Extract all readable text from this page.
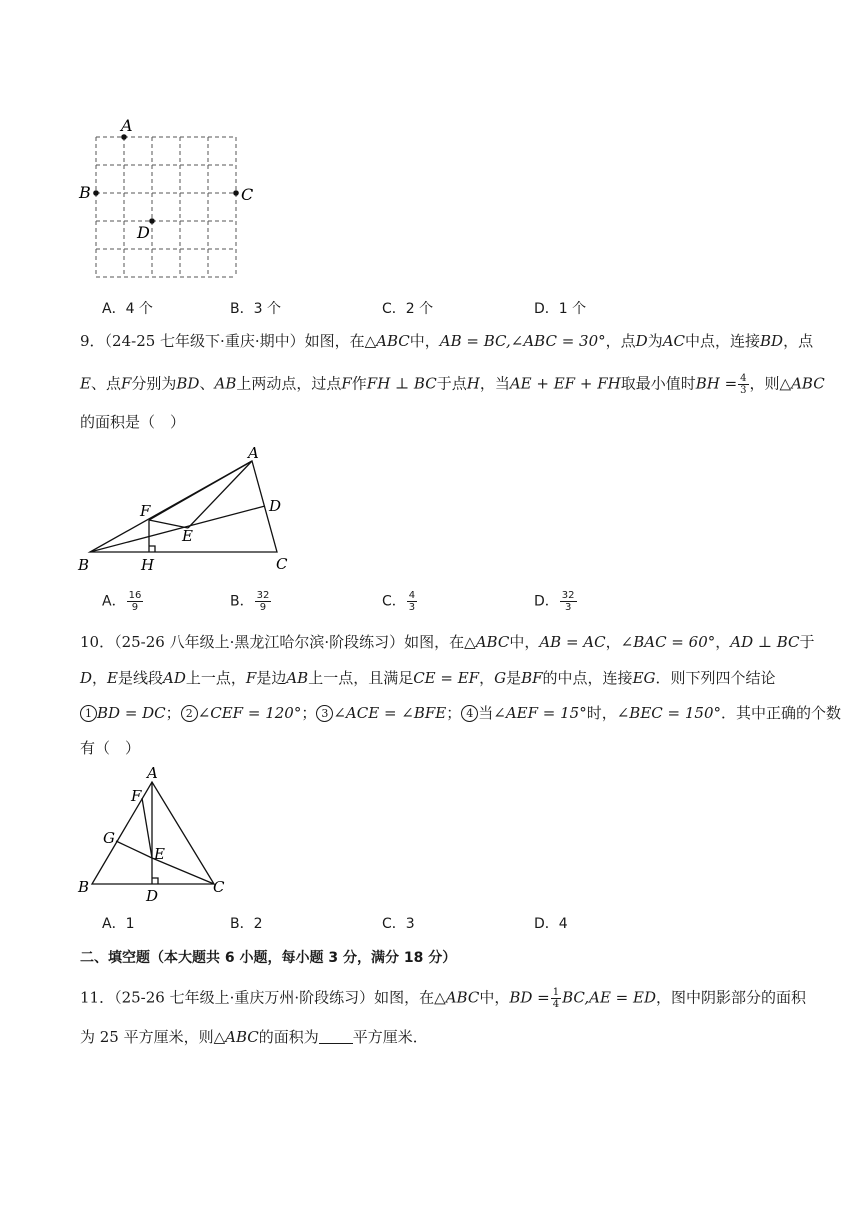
A
B	C
D
A．4 个	B．3 个	C．2 个	D．1 个
9．（24-25 七年级下·重庆·期中）如图，在△ABC中，AB = BC,∠ABC = 30°，点D为AC中点，连接BD，点
E、点F分别为BD、AB上两动点，过点F作FH ⊥ BC于点H，当AE + EF + FH取最小值时BH = $\frac{4}{3}$ ，则△ABC
的面积是（　）
A
B	C
D
E
F
H
A． $\frac{16}{9}$	B． $\frac{32}{9}$	C． $\frac{4}{3}$	D． $\frac{32}{3}$
10．（25-26 八年级上·黑龙江哈尔滨·阶段练习）如图，在△ABC中，AB = AC，∠BAC = 60°，AD ⊥ BC于
D，E是线段AD上一点，F是边AB上一点，且满足CE = EF，G是BF的中点，连接EG．则下列四个结论
1 BD = DC； 2 ∠CEF = 120°； 3 ∠ACE = ∠BFE； 4 当∠AEF = 15°时，∠BEC = 150°．其中正确的个数
有（　）
A
B	C
D
E
F
G
A．1	B．2	C．3	D．4
二、填空题（本大题共 6 小题，每小题 3 分，满分 18 分）
11．（25-26 七年级上·重庆万州·阶段练习）如图，在△ABC中，BD = $\frac{1}{4} BC,AE$ = ED，图中阴影部分的面积
为 25 平方厘米，则△ABC的面积为 平方厘米．
